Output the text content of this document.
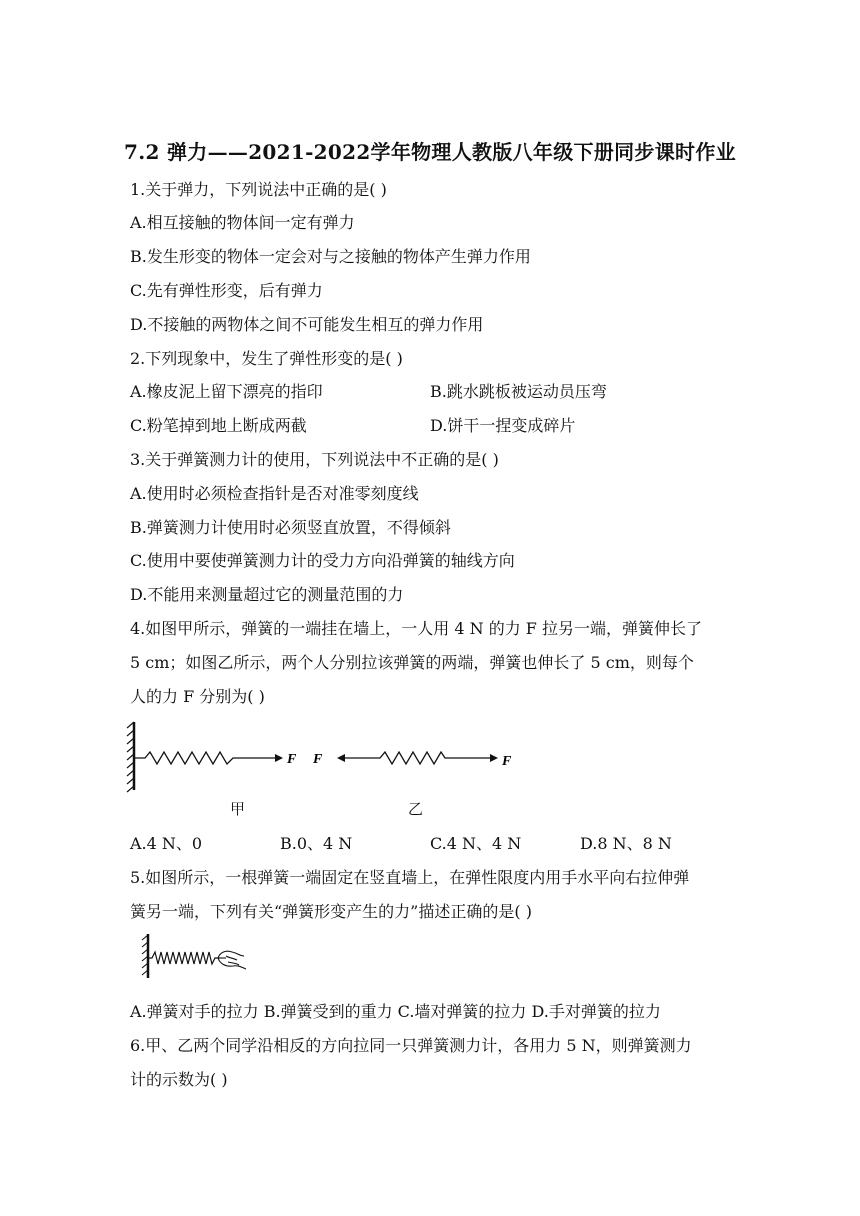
7.2 弹力——2021-2022学年物理人教版八年级下册同步课时作业
1.关于弹力，下列说法中正确的是( )
A.相互接触的物体间一定有弹力
B.发生形变的物体一定会对与之接触的物体产生弹力作用
C.先有弹性形变，后有弹力
D.不接触的两物体之间不可能发生相互的弹力作用
2.下列现象中，发生了弹性形变的是( )
A.橡皮泥上留下漂亮的指印	B.跳水跳板被运动员压弯
C.粉笔掉到地上断成两截	D.饼干一捏变成碎片
3.关于弹簧测力计的使用，下列说法中不正确的是( )
A.使用时必须检查指针是否对准零刻度线
B.弹簧测力计使用时必须竖直放置，不得倾斜
C.使用中要使弹簧测力计的受力方向沿弹簧的轴线方向
D.不能用来测量超过它的测量范围的力
4.如图甲所示，弹簧的一端挂在墙上，一人用 4 N 的力 F 拉另一端，弹簧伸长了
5 cm；如图乙所示，两个人分别拉该弹簧的两端，弹簧也伸长了 5 cm，则每个
人的力 F 分别为( )
F F	F
甲	乙
A.4 N、0	B.0、4 N	C.4 N、4 N	D.8 N、8 N
5.如图所示，一根弹簧一端固定在竖直墙上，在弹性限度内用手水平向右拉伸弹
簧另一端，下列有关“弹簧形变产生的力”描述正确的是( )
A.弹簧对手的拉力 B.弹簧受到的重力 C.墙对弹簧的拉力 D.手对弹簧的拉力
6.甲、乙两个同学沿相反的方向拉同一只弹簧测力计，各用力 5 N，则弹簧测力
计的示数为( )
